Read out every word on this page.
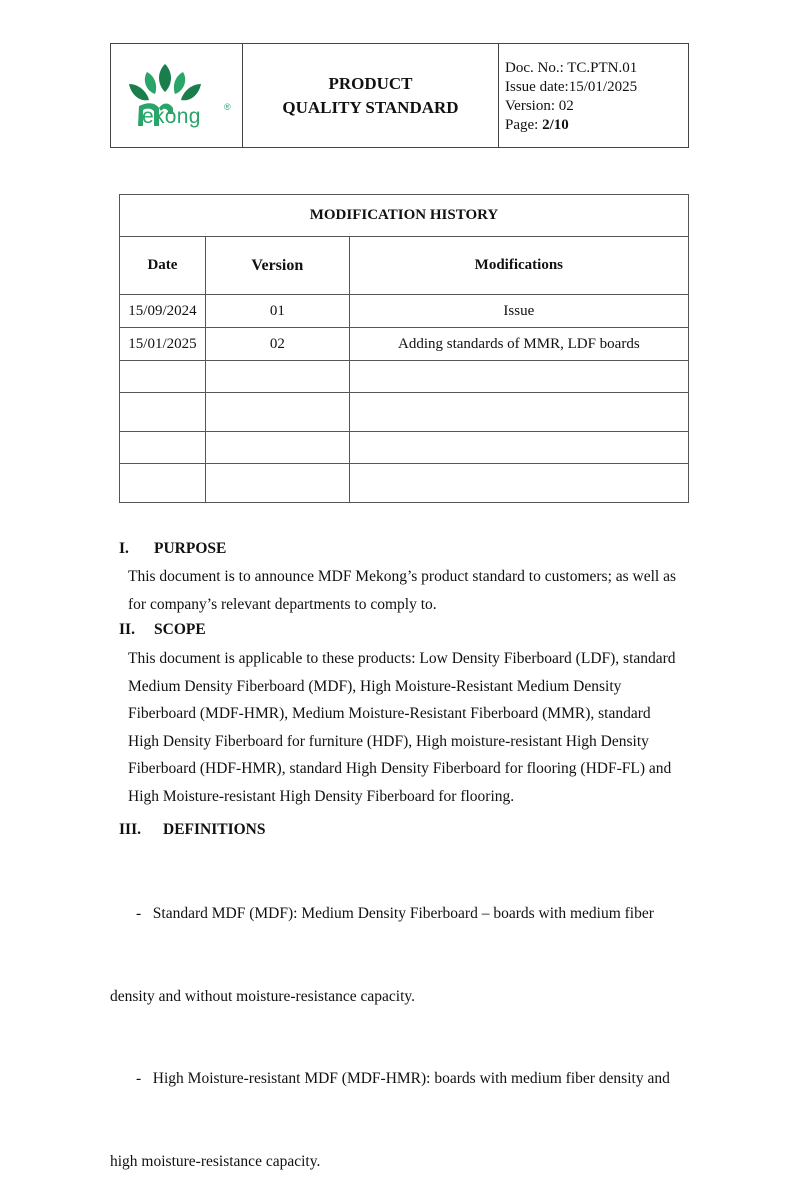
ekong	®
PRODUCT
QUALITY STANDARD
Doc. No.: TC.PTN.01
Issue date:15/01/2025
Version: 02
Page: 2/10
MODIFICATION HISTORY		
Date	Version	Modifications
15/09/2024	01	Issue
15/01/2025	02	Adding standards of MMR, LDF boards

I. PURPOSE
This document is to announce MDF Mekong’s product standard to customers; as well as
for company’s relevant departments to comply to.
II. SCOPE
This document is applicable to these products: Low Density Fiberboard (LDF), standard
Medium Density Fiberboard (MDF), High Moisture-Resistant Medium Density
Fiberboard (MDF-HMR), Medium Moisture-Resistant Fiberboard (MMR), standard
High Density Fiberboard for furniture (HDF), High moisture-resistant High Density
Fiberboard (HDF-HMR), standard High Density Fiberboard for flooring (HDF-FL) and
High Moisture-resistant High Density Fiberboard for flooring.
III. DEFINITIONS

-   Standard MDF (MDF): Medium Density Fiberboard – boards with medium fiber

density and without moisture-resistance capacity.

-   High Moisture-resistant MDF (MDF-HMR): boards with medium fiber density and

high moisture-resistance capacity.
